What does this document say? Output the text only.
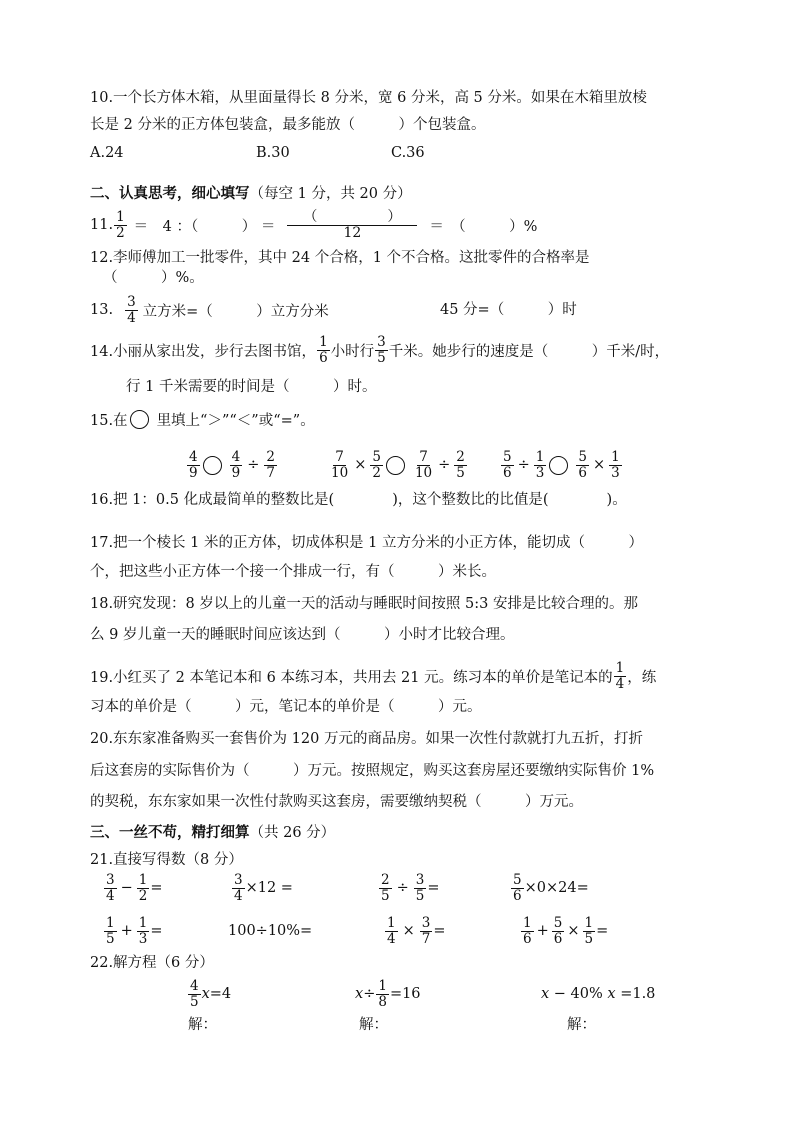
10.一个长方体木箱，从里面量得长 8 分米，宽 6 分米，高 5 分米。如果在木箱里放棱
长是 2 分米的正方体包装盒，最多能放（　　　）个包装盒。
A.24	B.30	C.36
二、认真思考，细心填写（每空 1 分，共 20 分）
11. $\frac{1}{2}$ ＝　4 ：（　　　） ＝ $\frac{( )}{12}$ ＝　（　　　）%
12.李师傅加工一批零件，其中 24 个合格，1 个不合格。这批零件的合格率是
（　　　）%。
13. $\frac{3}{4}$ 立方米=（　　　）立方分米	45 分=（　　　）时
14.小丽从家出发，步行去图书馆， $\frac{1}{6}$ 小时行 $\frac{3}{5}$ 千米。她步行的速度是（　　　）千米/时，
行 1 千米需要的时间是（　　　）时。
15.在 里填上“＞”“＜”或“=”。
$\frac{4}{9} \frac{4}{9} \div \frac{2}{7}$	$\frac{7}{10} \times \frac{5}{2} \frac{7}{10} \div \frac{2}{5}$	$\frac{5}{6} \div \frac{1}{3} \frac{5}{6} \times \frac{1}{3}$
16.把 1：0.5 化成最简单的整数比是(　　　　)，这个整数比的比值是(　　　　)。
17.把一个棱长 1 米的正方体，切成体积是 1 立方分米的小正方体，能切成（　　　）
个，把这些小正方体一个接一个排成一行，有（　　　）米长。
18.研究发现：8 岁以上的儿童一天的活动与睡眠时间按照 5:3 安排是比较合理的。那
么 9 岁儿童一天的睡眠时间应该达到（　　　）小时才比较合理。
19.小红买了 2 本笔记本和 6 本练习本，共用去 21 元。练习本的单价是笔记本的 $\frac{1}{4}$ ，练
习本的单价是（　　　）元，笔记本的单价是（　　　）元。
20.东东家准备购买一套售价为 120 万元的商品房。如果一次性付款就打九五折，打折
后这套房的实际售价为（　　　）万元。按照规定，购买这套房屋还要缴纳实际售价 1%
的契税，东东家如果一次性付款购买这套房，需要缴纳契税（　　　）万元。
三、一丝不苟，精打细算（共 26 分）
21.直接写得数（8 分）
$\frac{3}{4} - \frac{1}{2}$ =	$\frac{3}{4} \times 12$ =	$\frac{2}{5} \div \frac{3}{5}$ =	$\frac{5}{6} \times 0\times 24=$
$\frac{1}{5} + \frac{1}{3}$ =	100÷10%=	$\frac{1}{4} \times \frac{3}{7}$ =	$\frac{1}{6} + \frac{5}{6} \times \frac{1}{5}$ =
22.解方程（6 分）
$\frac{4}{5}$ x =4	$x \div \frac{1}{8} =16$	x − 40% x =1.8
解：	解：	解：
